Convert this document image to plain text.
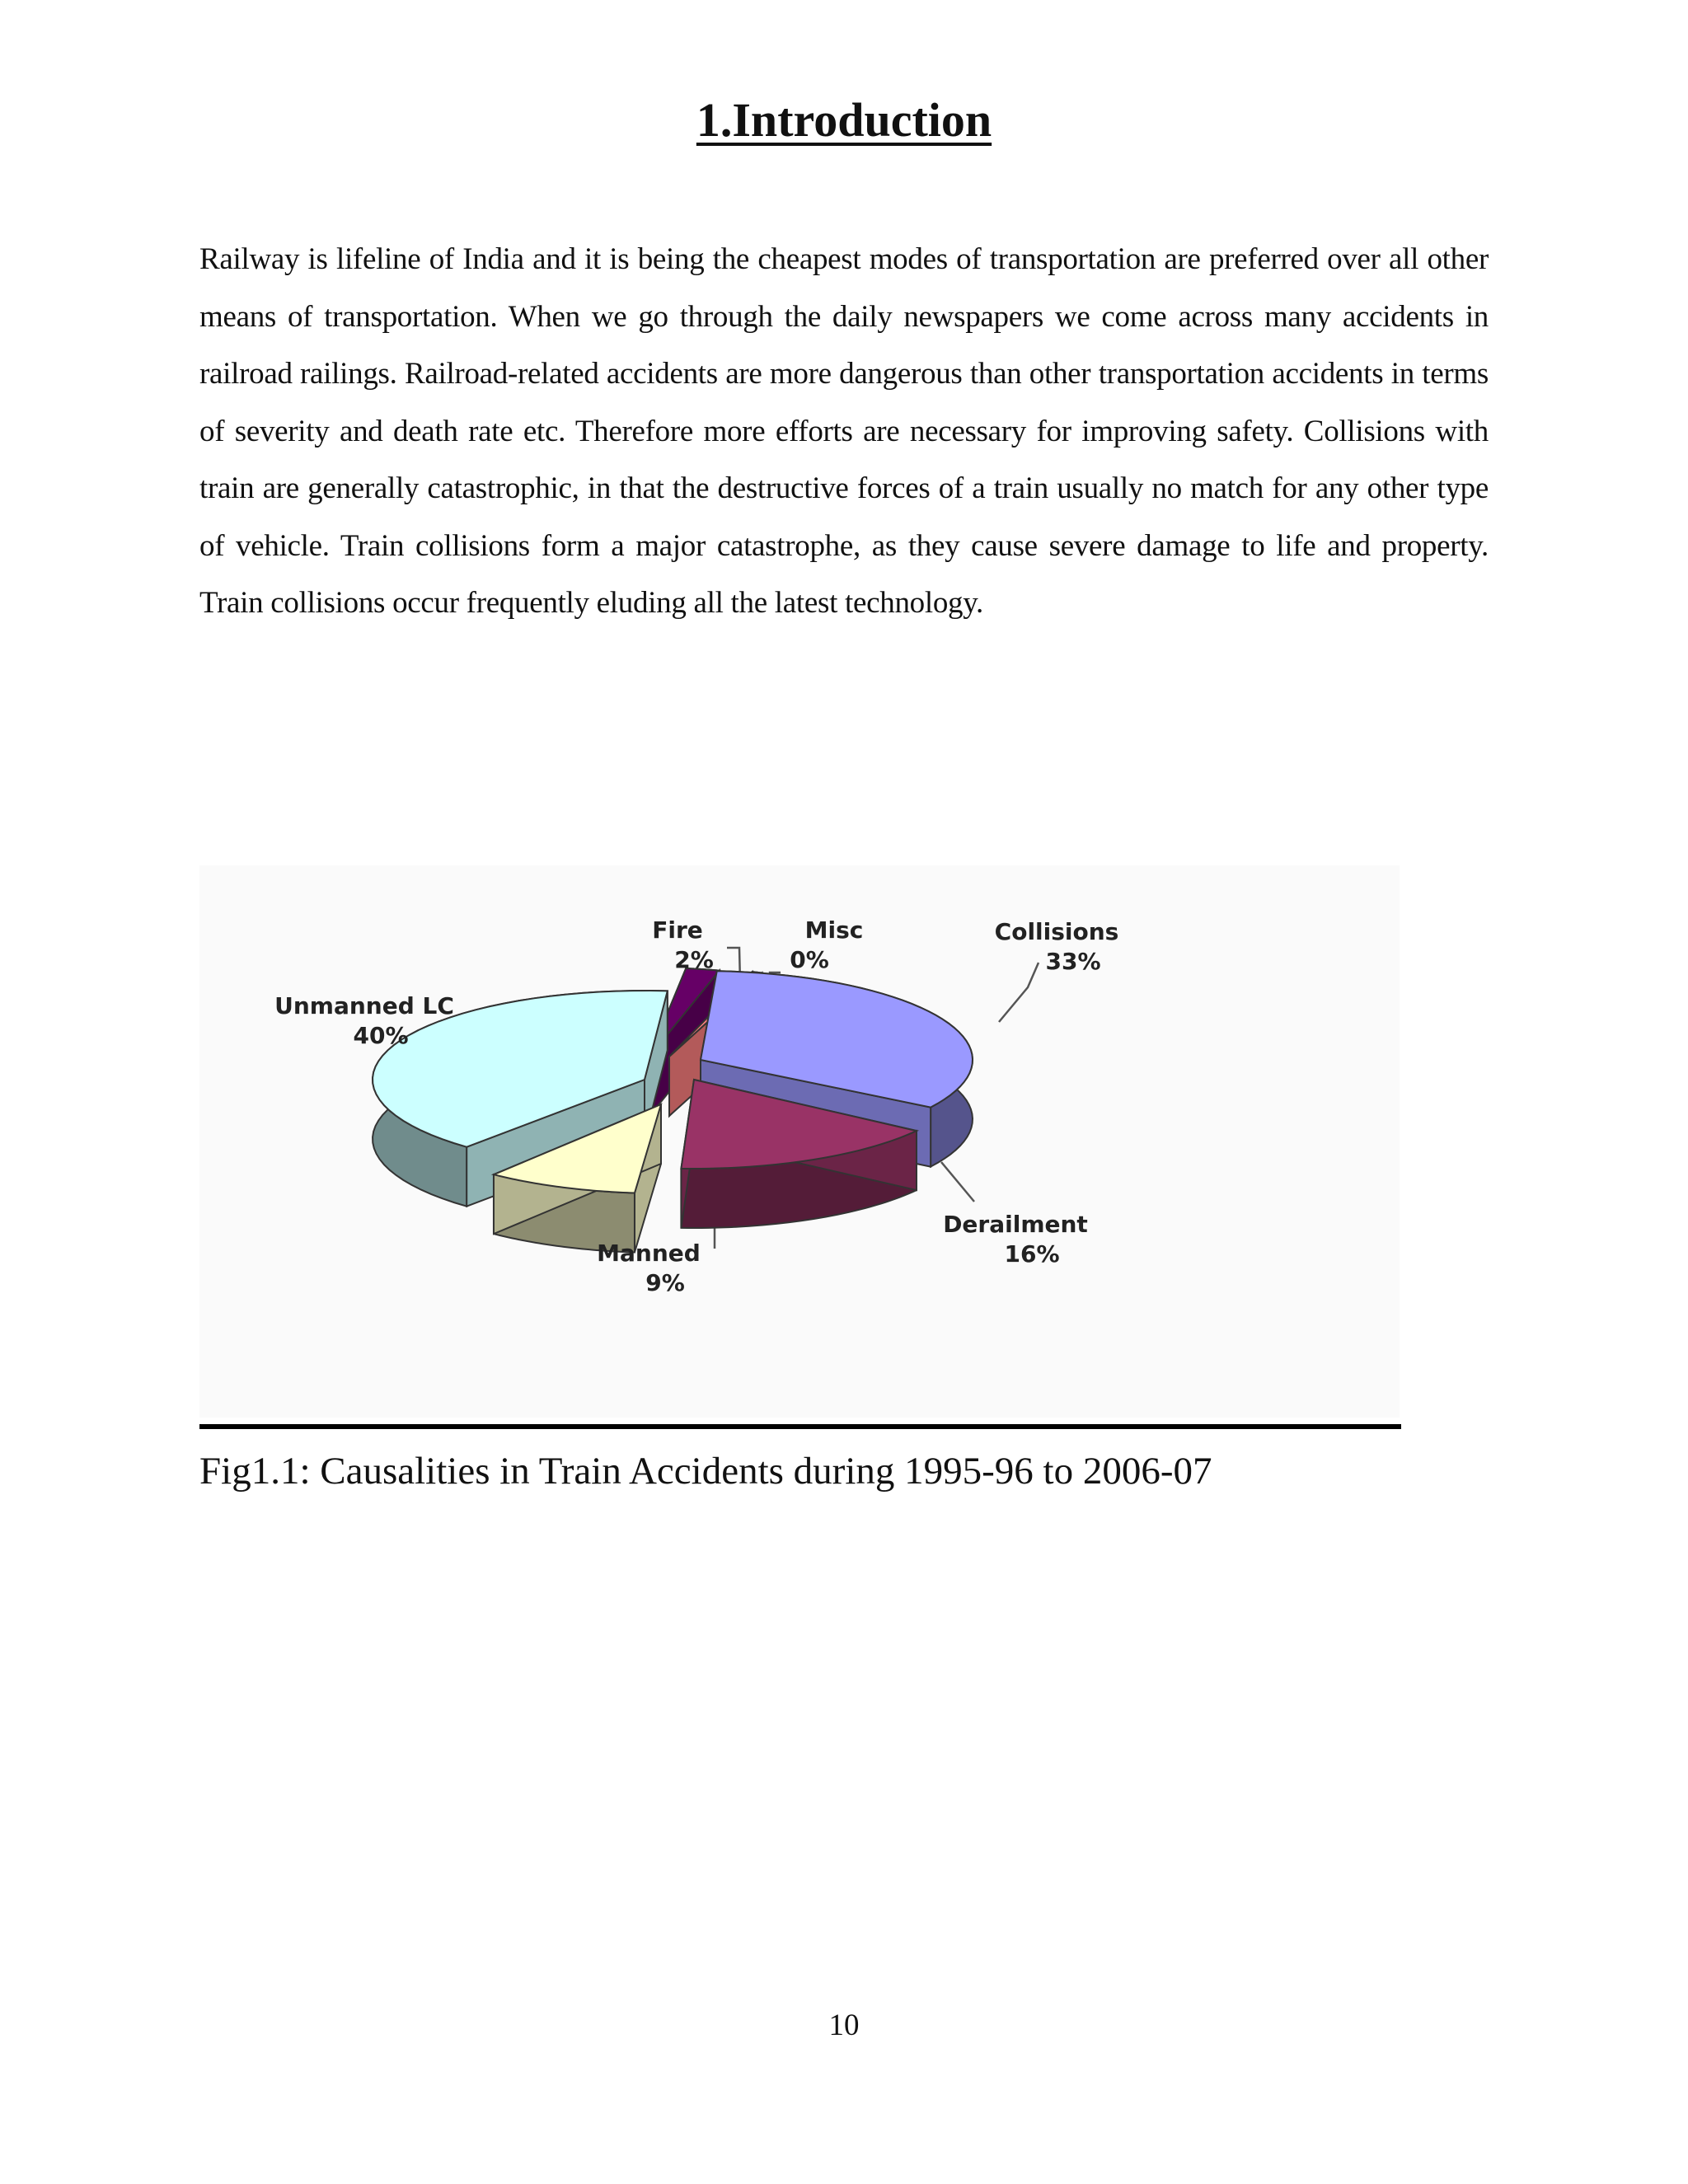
1.Introduction

Railway is lifeline of India and it is being the cheapest modes of transportation are preferred over all other means of transportation. When we go through the daily newspapers we come across many accidents in railroad railings. Railroad-related accidents are more dangerous than other transportation accidents in terms of severity and death rate etc. Therefore more efforts are necessary for improving safety. Collisions with train are generally catastrophic, in that the destructive forces of a train usually no match for any other type of vehicle. Train collisions form a major catastrophe, as they cause severe damage to life and property. Train collisions occur frequently eluding all the latest technology.

Collisions
33%
Derailment
16%
Manned
9%
Unmanned LC
40%
Fire
2%
Misc
0%

Fig1.1: Causalities in Train Accidents during 1995-96 to 2006-07

10
